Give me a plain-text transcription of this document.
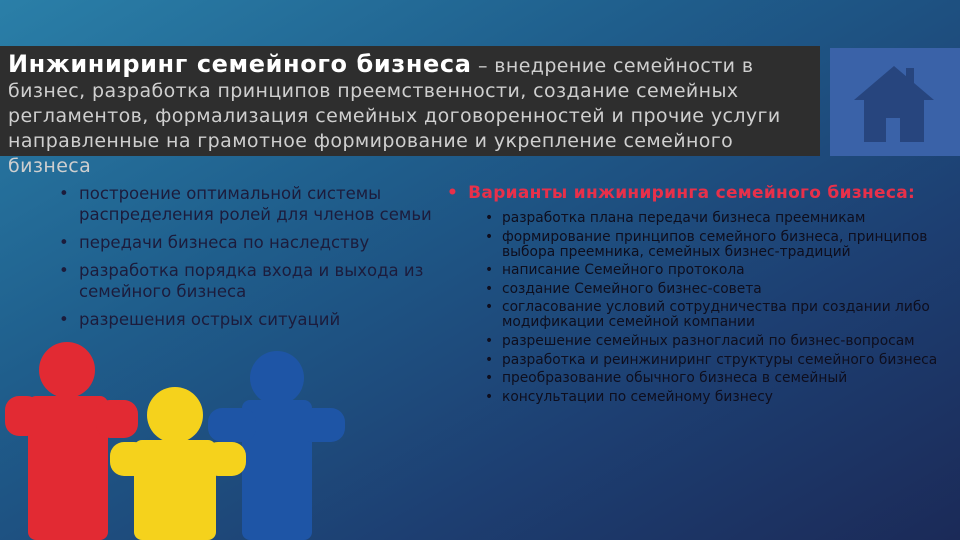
Инжиниринг семейного бизнеса – внедрение семейности в бизнес, разработка принципов преемственности, создание семейных регламентов, формализация семейных договоренностей и прочие услуги направленные на грамотное формирование и укрепление семейного бизнеса
• построение оптимальной системы распределения ролей для членов семьи
• передачи бизнеса по наследству
• разработка порядка входа и выхода из семейного бизнеса
• разрешения острых ситуаций
• Варианты инжиниринга семейного бизнеса:
• разработка плана передачи бизнеса преемникам
• формирование принципов семейного бизнеса, принципов выбора преемника, семейных бизнес-традиций
• написание Семейного протокола
• создание Семейного бизнес-совета
• согласование условий сотрудничества при создании либо модификации семейной компании
• разрешение семейных разногласий по бизнес-вопросам
• разработка и реинжиниринг структуры семейного бизнеса
• преобразование обычного бизнеса в семейный
• консультации по семейному бизнесу
